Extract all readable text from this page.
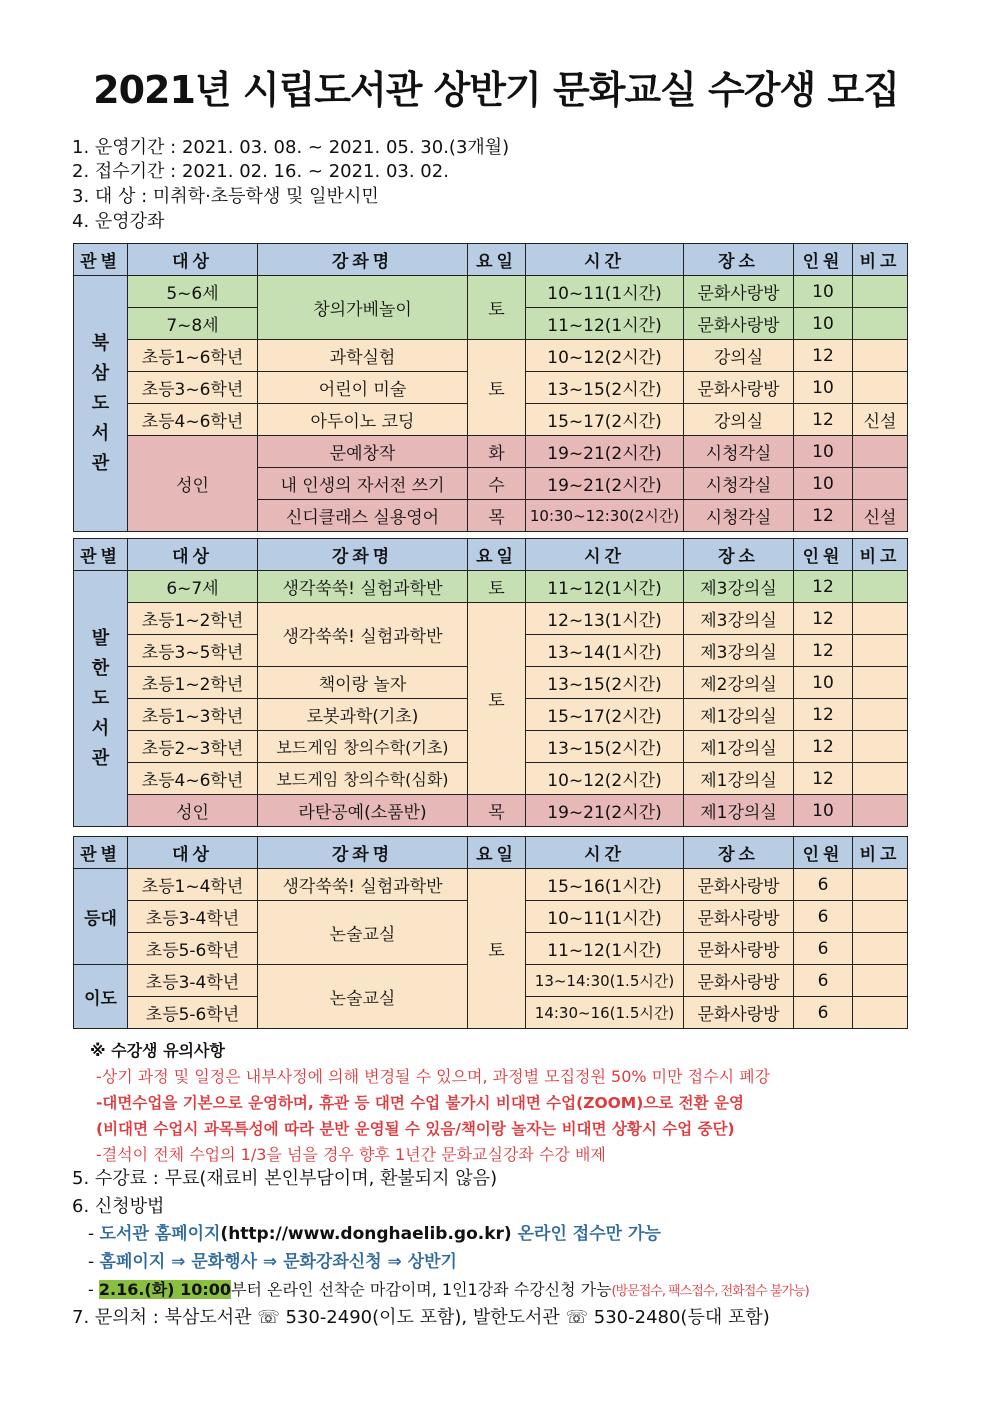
2021년 시립도서관 상반기 문화교실 수강생 모집
1. 운영기간 : 2021. 03. 08. ~ 2021. 05. 30.(3개월)
2. 접수기간 : 2021. 02. 16. ~ 2021. 03. 02.
3. 대 상 : 미취학·초등학생 및 일반시민
4. 운영강좌
관별	대상	강좌명	요일	시간	장소	인원	비고
북삼도서관	5~6세	창의가베놀이	토	10~11(1시간)	문화사랑방	10	
	7~8세			11~12(1시간)	문화사랑방	10	
	초등1~6학년	과학실험	토	10~12(2시간)	강의실	12	
	초등3~6학년	어린이 미술		13~15(2시간)	문화사랑방	10	
	초등4~6학년	아두이노 코딩		15~17(2시간)	강의실	12	신설
	성인	문예창작	화	19~21(2시간)	시청각실	10	
		내 인생의 자서전 쓰기	수	19~21(2시간)	시청각실	10	
		신디클래스 실용영어	목	10:30~12:30(2시간)	시청각실	12	신설
관별	대상	강좌명	요일	시간	장소	인원	비고
발한도서관	6~7세	생각쑥쑥! 실험과학반	토	11~12(1시간)	제3강의실	12	
	초등1~2학년	생각쑥쑥! 실험과학반	토	12~13(1시간)	제3강의실	12	
	초등3~5학년			13~14(1시간)	제3강의실	12	
	초등1~2학년	책이랑 놀자		13~15(2시간)	제2강의실	10	
	초등1~3학년	로봇과학(기초)		15~17(2시간)	제1강의실	12	
	초등2~3학년	보드게임 창의수학(기초)		13~15(2시간)	제1강의실	12	
	초등4~6학년	보드게임 창의수학(심화)		10~12(2시간)	제1강의실	12	
	성인	라탄공예(소품반)	목	19~21(2시간)	제1강의실	10	
관별	대상	강좌명	요일	시간	장소	인원	비고
등대	초등1~4학년	생각쑥쑥! 실험과학반	토	15~16(1시간)	문화사랑방	6	
	초등3-4학년	논술교실		10~11(1시간)	문화사랑방	6	
	초등5-6학년			11~12(1시간)	문화사랑방	6	
이도	초등3-4학년	논술교실		13~14:30(1.5시간)	문화사랑방	6	
	초등5-6학년			14:30~16(1.5시간)	문화사랑방	6	
※ 수강생 유의사항
-상기 과정 및 일정은 내부사정에 의해 변경될 수 있으며, 과정별 모집정원 50% 미만 접수시 폐강
-대면수업을 기본으로 운영하며, 휴관 등 대면 수업 불가시 비대면 수업(ZOOM)으로 전환 운영
(비대면 수업시 과목특성에 따라 분반 운영될 수 있음/책이랑 놀자는 비대면 상황시 수업 중단)
-결석이 전체 수업의 1/3을 넘을 경우 향후 1년간 문화교실강좌 수강 배제
5. 수강료 : 무료(재료비 본인부담이며, 환불되지 않음)
6. 신청방법
- 도서관 홈페이지(http://www.donghaelib.go.kr) 온라인 접수만 가능
- 홈페이지 ⇒ 문화행사 ⇒ 문화강좌신청 ⇒ 상반기
- 2.16.(화) 10:00부터 온라인 선착순 마감이며, 1인1강좌 수강신청 가능(방문접수, 팩스접수, 전화접수 불가능)
7. 문의처 : 북삼도서관 ☏ 530-2490(이도 포함), 발한도서관 ☏ 530-2480(등대 포함)
